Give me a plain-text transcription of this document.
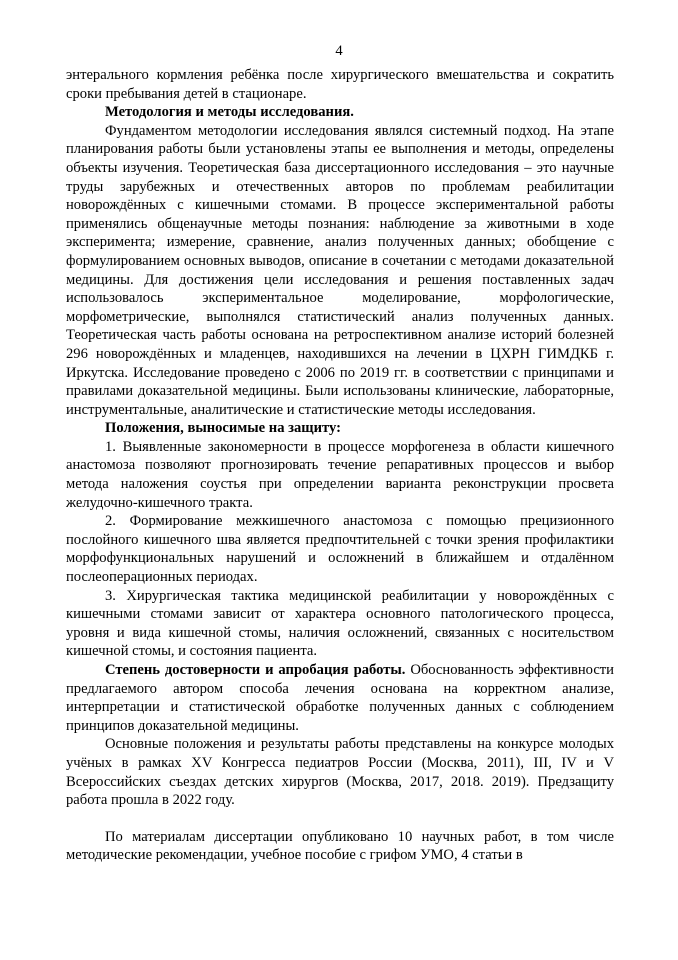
4

энтерального кормления ребёнка после хирургического вмешательства и сократить сроки пребывания детей в стационаре.

Методология и методы исследования.

Фундаментом методологии исследования являлся системный подход. На этапе планирования работы были установлены этапы ее выполнения и методы, определены объекты изучения. Теоретическая база диссертационного исследования – это научные труды зарубежных и отечественных авторов по проблемам реабилитации новорождённых с кишечными стомами. В процессе экспериментальной работы применялись общенаучные методы познания: наблюдение за животными в ходе эксперимента; измерение, сравнение, анализ полученных данных; обобщение с формулированием основных выводов, описание в сочетании с методами доказательной медицины. Для достижения цели исследования и решения поставленных задач использовалось экспериментальное моделирование, морфологические, морфометрические, выполнялся статистический анализ полученных данных. Теоретическая часть работы основана на ретроспективном анализе историй болезней 296 новорождённых и младенцев, находившихся на лечении в ЦХРН ГИМДКБ г. Иркутска. Исследование проведено с 2006 по 2019 гг. в соответствии с принципами и правилами доказательной медицины. Были использованы клинические, лабораторные, инструментальные, аналитические и статистические методы исследования.

Положения, выносимые на защиту:

1. Выявленные закономерности в процессе морфогенеза в области кишечного анастомоза позволяют прогнозировать течение репаративных процессов и выбор метода наложения соустья при определении варианта реконструкции просвета желудочно-кишечного тракта.

2. Формирование межкишечного анастомоза с помощью прецизионного послойного кишечного шва является предпочтительней с точки зрения профилактики морфофункциональных нарушений и осложнений в ближайшем и отдалённом послеоперационных периодах.

3. Хирургическая тактика медицинской реабилитации у новорождённых с кишечными стомами зависит от характера основного патологического процесса, уровня и вида кишечной стомы, наличия осложнений, связанных с носительством кишечной стомы, и состояния пациента.

Степень достоверности и апробация работы. Обоснованность эффективности предлагаемого автором способа лечения основана на корректном анализе, интерпретации и статистической обработке полученных данных с соблюдением принципов доказательной медицины.

Основные положения и результаты работы представлены на конкурсе молодых учёных в рамках XV Конгресса педиатров России (Москва, 2011), III, IV и V Всероссийских съездах детских хирургов (Москва, 2017, 2018. 2019). Предзащиту работа прошла в 2022 году.

По материалам диссертации опубликовано 10 научных работ, в том числе методические рекомендации, учебное пособие с грифом УМО, 4 статьи в
